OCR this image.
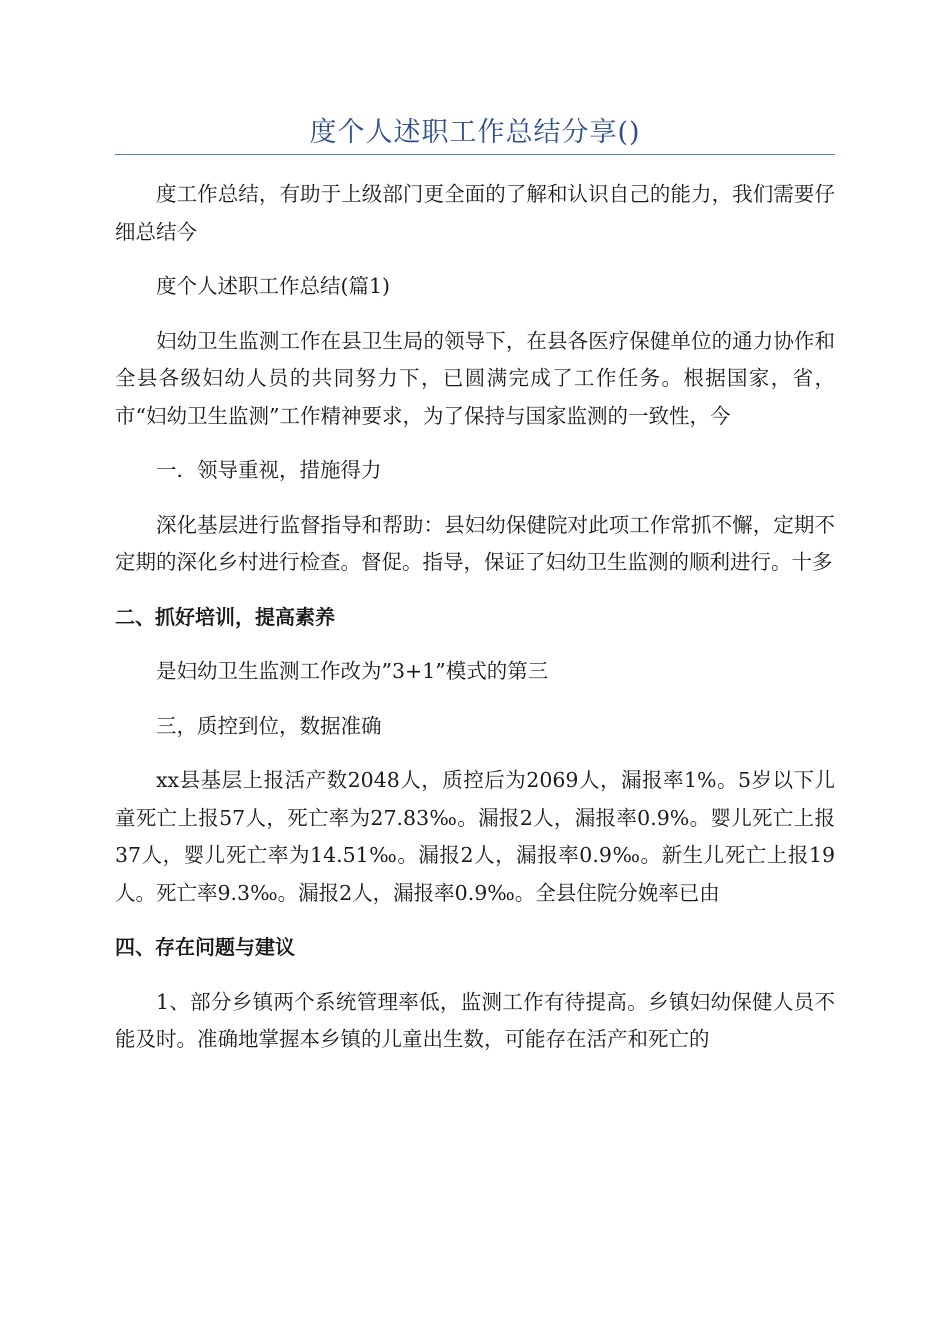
度个人述职工作总结分享()

度工作总结，有助于上级部门更全面的了解和认识自己的能力，我们需要仔细总结今

度个人述职工作总结(篇1)

妇幼卫生监测工作在县卫生局的领导下，在县各医疗保健单位的通力协作和全县各级妇幼人员的共同努力下，已圆满完成了工作任务。根据国家，省，市“妇幼卫生监测”工作精神要求，为了保持与国家监测的一致性，今

一．领导重视，措施得力

深化基层进行监督指导和帮助：县妇幼保健院对此项工作常抓不懈，定期不定期的深化乡村进行检查。督促。指导，保证了妇幼卫生监测的顺利进行。十多

二、抓好培训，提高素养

是妇幼卫生监测工作改为”3+1”模式的第三

三，质控到位，数据准确

xx县基层上报活产数2048人，质控后为2069人，漏报率1%。5岁以下儿童死亡上报57人，死亡率为27.83‰。漏报2人，漏报率0.9%。婴儿死亡上报37人，婴儿死亡率为14.51‰。漏报2人，漏报率0.9‰。新生儿死亡上报19人。死亡率9.3‰。漏报2人，漏报率0.9‰。全县住院分娩率已由

四、存在问题与建议

1、部分乡镇两个系统管理率低，监测工作有待提高。乡镇妇幼保健人员不能及时。准确地掌握本乡镇的儿童出生数，可能存在活产和死亡的
